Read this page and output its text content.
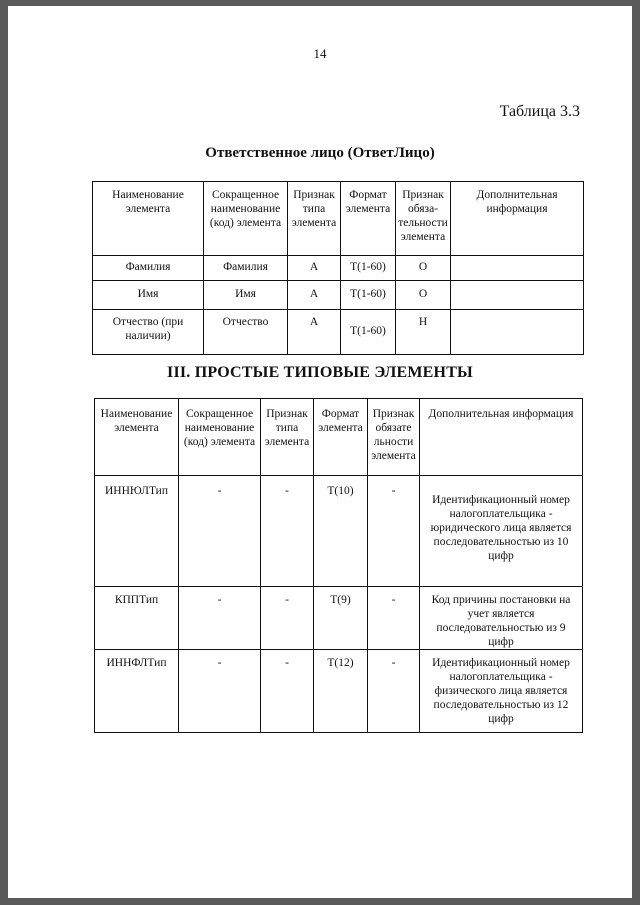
14
Таблица 3.3
Ответственное лицо (ОтветЛицо)
Наименование элемента	Сокращенное наименование (код) элемента	Признак типа элемента	Формат элемента	Признак обяза-тельности элемента	Дополнительная информация
Фамилия	Фамилия	A	T(1-60)	O	
Имя	Имя	A	T(1-60)	O	
Отчество (при наличии)	Отчество	A	T(1-60)	H	
III. ПРОСТЫЕ ТИПОВЫЕ ЭЛЕМЕНТЫ
Наименование элемента	Сокращенное наименование (код) элемента	Признак типа элемента	Формат элемента	Признак обязате льности элемента	Дополнительная информация
ИННЮЛТип	-	-	T(10)	-	Идентификационный номер налогоплательщика - юридического лица является последовательностью из 10 цифр
КППТип	-	-	T(9)	-	Код причины постановки на учет является последовательностью из 9 цифр
ИННФЛТип	-	-	T(12)	-	Идентификационный номер налогоплательщика - физического лица является последовательностью из 12 цифр
